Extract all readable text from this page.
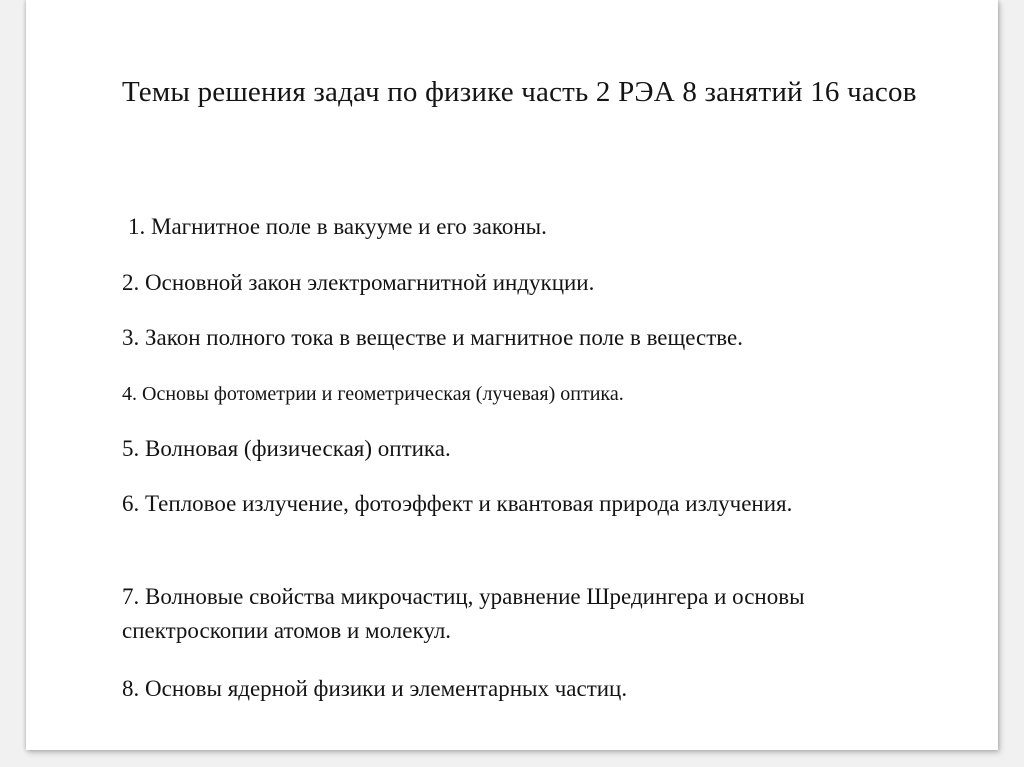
Темы решения задач по физике часть 2 РЭА 8 занятий 16 часов
1. Магнитное поле в вакууме и его законы.
2. Основной закон электромагнитной индукции.
3. Закон полного тока в веществе и магнитное поле в веществе.
4. Основы фотометрии и геометрическая (лучевая) оптика.
5. Волновая (физическая) оптика.
6. Тепловое излучение, фотоэффект и квантовая природа излучения.
7. Волновые свойства микрочастиц, уравнение Шредингера и основы спектроскопии атомов и молекул.
8. Основы ядерной физики и элементарных частиц.
